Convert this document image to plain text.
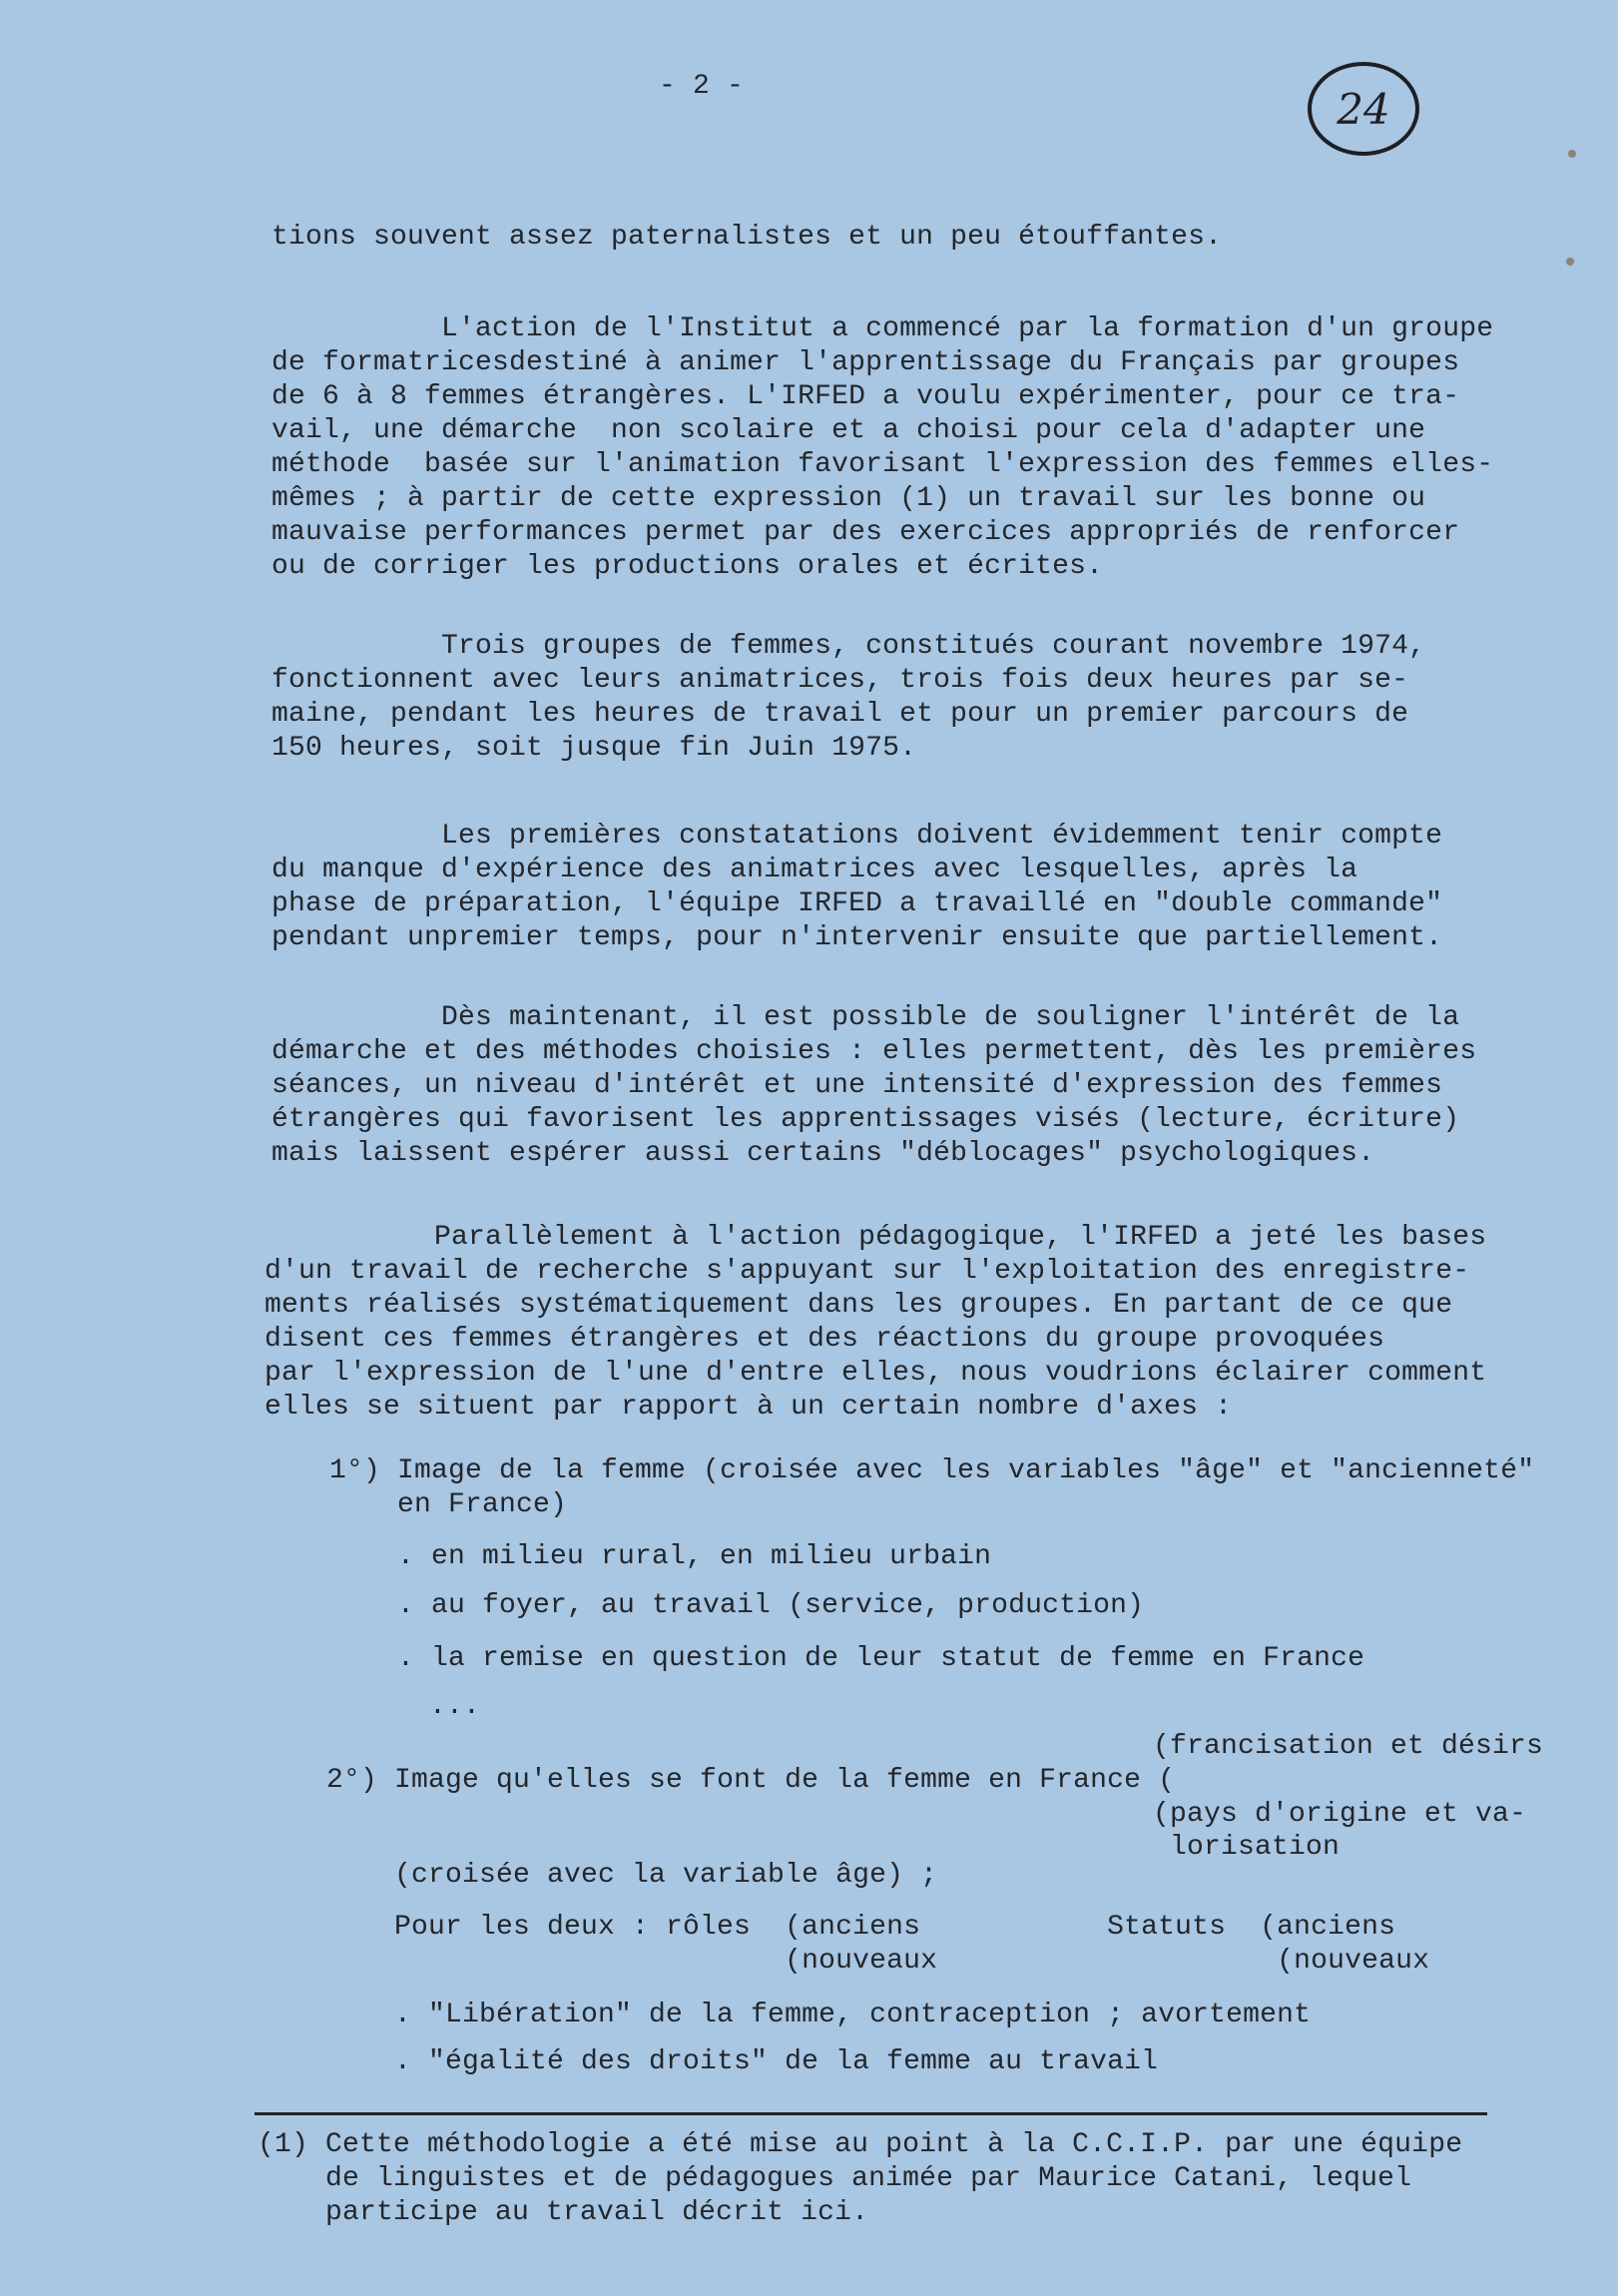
- 2 -	24
tions souvent assez paternalistes et un peu étouffantes.
L'action de l'Institut a commencé par la formation d'un groupe
de formatricesdestiné à animer l'apprentissage du Français par groupes
de 6 à 8 femmes étrangères. L'IRFED a voulu expérimenter, pour ce tra-
vail, une démarche  non scolaire et a choisi pour cela d'adapter une
méthode  basée sur l'animation favorisant l'expression des femmes elles-
mêmes ; à partir de cette expression (1) un travail sur les bonne ou
mauvaise performances permet par des exercices appropriés de renforcer
ou de corriger les productions orales et écrites.
Trois groupes de femmes, constitués courant novembre 1974,
fonctionnent avec leurs animatrices, trois fois deux heures par se-
maine, pendant les heures de travail et pour un premier parcours de
150 heures, soit jusque fin Juin 1975.
Les premières constatations doivent évidemment tenir compte
du manque d'expérience des animatrices avec lesquelles, après la
phase de préparation, l'équipe IRFED a travaillé en "double commande"
pendant unpremier temps, pour n'intervenir ensuite que partiellement.
Dès maintenant, il est possible de souligner l'intérêt de la
démarche et des méthodes choisies : elles permettent, dès les premières
séances, un niveau d'intérêt et une intensité d'expression des femmes
étrangères qui favorisent les apprentissages visés (lecture, écriture)
mais laissent espérer aussi certains "déblocages" psychologiques.
Parallèlement à l'action pédagogique, l'IRFED a jeté les bases
d'un travail de recherche s'appuyant sur l'exploitation des enregistre-
ments réalisés systématiquement dans les groupes. En partant de ce que
disent ces femmes étrangères et des réactions du groupe provoquées
par l'expression de l'une d'entre elles, nous voudrions éclairer comment
elles se situent par rapport à un certain nombre d'axes :
1°) Image de la femme (croisée avec les variables "âge" et "ancienneté"
en France)
. en milieu rural, en milieu urbain
. au foyer, au travail (service, production)
. la remise en question de leur statut de femme en France
...
(francisation et désirs
2°) Image qu'elles se font de la femme en France (
(pays d'origine et va-
lorisation
(croisée avec la variable âge) ;
Pour les deux : rôles  (anciens           Statuts  (anciens
(nouveaux                    (nouveaux
. "Libération" de la femme, contraception ; avortement
. "égalité des droits" de la femme au travail
(1) Cette méthodologie a été mise au point à la C.C.I.P. par une équipe
de linguistes et de pédagogues animée par Maurice Catani, lequel
participe au travail décrit ici.
